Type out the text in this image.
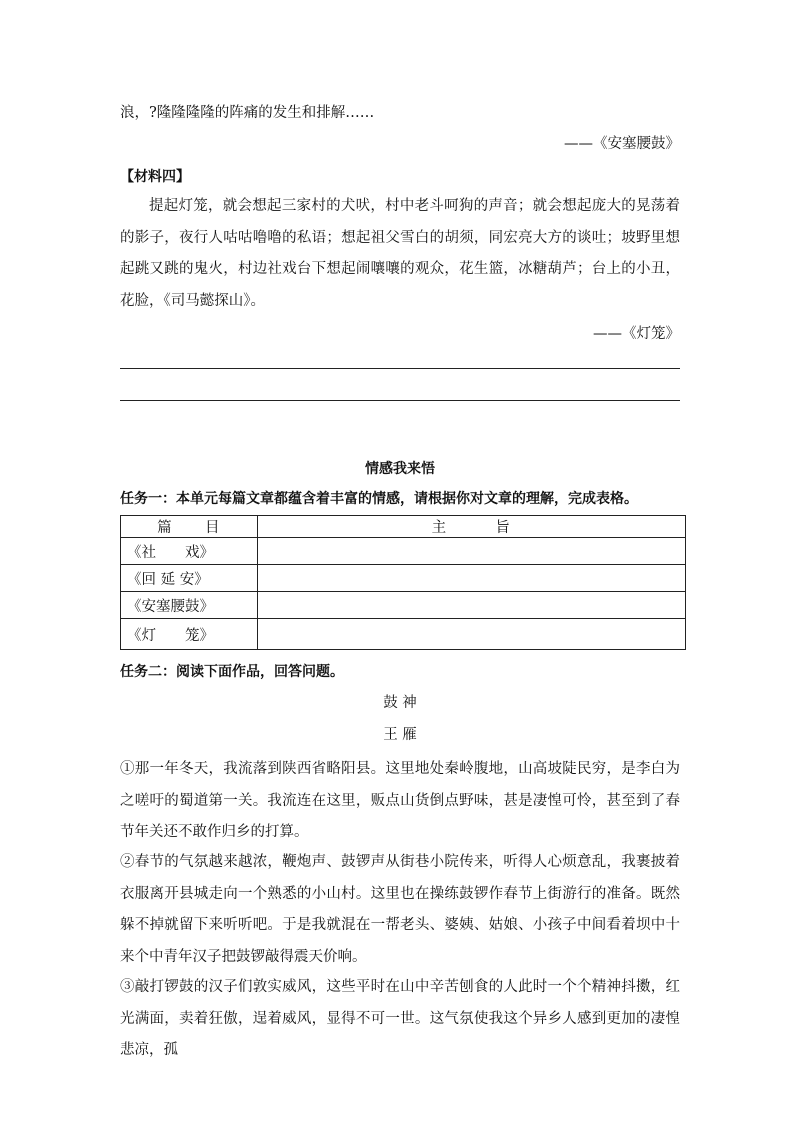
浪，?隆隆隆隆的阵痛的发生和排解……

——《安塞腰鼓》

【材料四】

提起灯笼，就会想起三家村的犬吠，村中老斗呵狗的声音；就会想起庞大的晃荡着的影子，夜行人咕咕噜噜的私语；想起祖父雪白的胡须，同宏亮大方的谈吐；坡野里想起跳又跳的鬼火，村边社戏台下想起闹嚷嚷的观众，花生篮，冰糖葫芦；台上的小丑，花脸，《司马懿探山》。

——《灯笼》

情感我来悟

任务一：本单元每篇文章都蕴含着丰富的情感，请根据你对文章的理解，完成表格。

篇　　目	主　　　旨
《社　　戏》	
《回 延 安》	
《安塞腰鼓》	
《灯　　笼》	

任务二：阅读下面作品，回答问题。

鼓 神

王 雁

①那一年冬天，我流落到陕西省略阳县。这里地处秦岭腹地，山高坡陡民穷，是李白为之嗟吁的蜀道第一关。我流连在这里，贩点山货倒点野味，甚是凄惶可怜，甚至到了春节年关还不敢作归乡的打算。

②春节的气氛越来越浓，鞭炮声、鼓锣声从街巷小院传来，听得人心烦意乱，我裹披着衣服离开县城走向一个熟悉的小山村。这里也在操练鼓锣作春节上街游行的准备。既然躲不掉就留下来听听吧。于是我就混在一帮老头、婆姨、姑娘、小孩子中间看着坝中十来个中青年汉子把鼓锣敲得震天价响。

③敲打锣鼓的汉子们敦实威风，这些平时在山中辛苦刨食的人此时一个个精神抖擞，红光满面，卖着狂傲，逞着威风，显得不可一世。这气氛使我这个异乡人感到更加的凄惶悲凉，孤
